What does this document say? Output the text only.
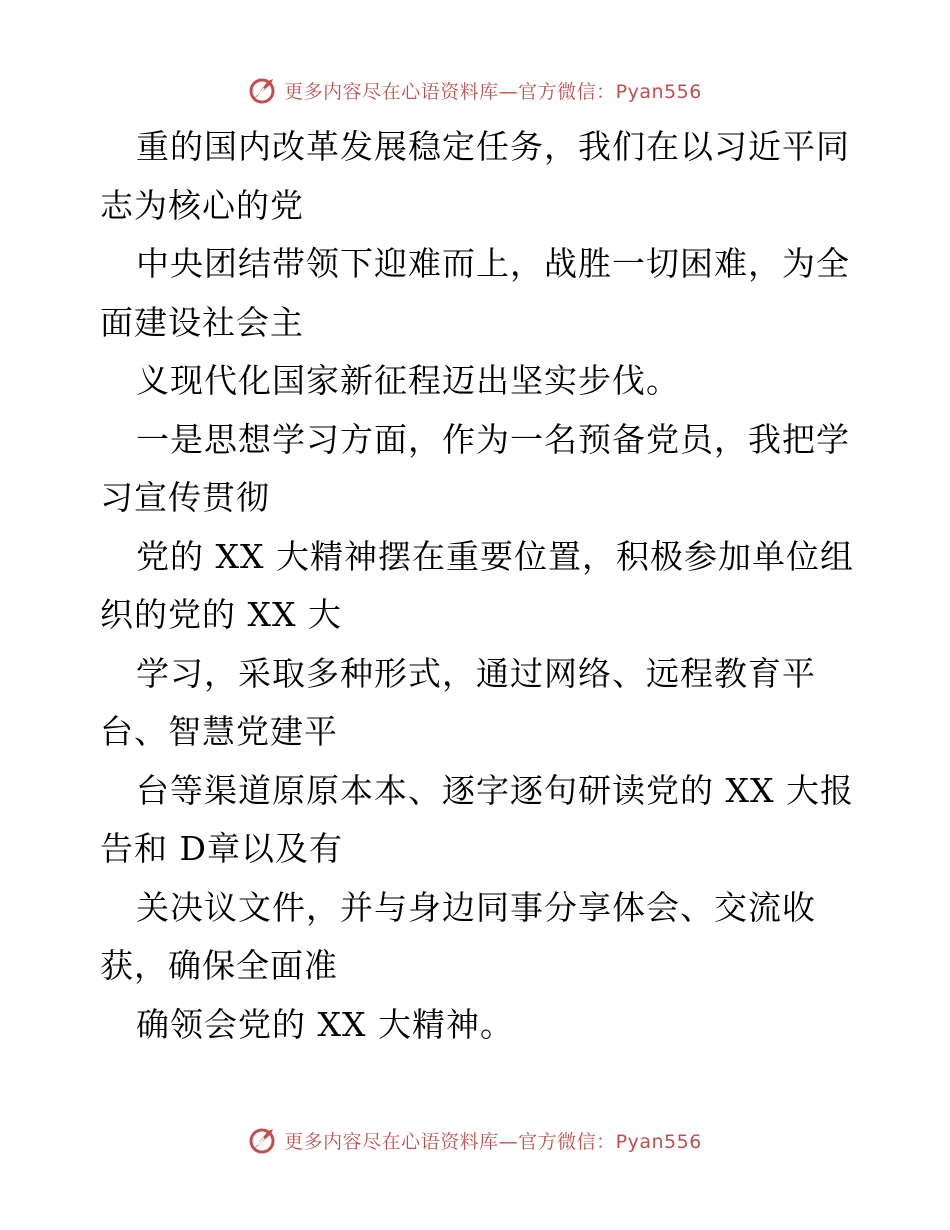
更多内容尽在心语资料库—官方微信：Pyan556
重的国内改革发展稳定任务，我们在以习近平同
志为核心的党
中央团结带领下迎难而上，战胜一切困难，为全
面建设社会主
义现代化国家新征程迈出坚实步伐。
一是思想学习方面，作为一名预备党员，我把学
习宣传贯彻
党的 XX 大精神摆在重要位置，积极参加单位组
织的党的 XX 大
学习，采取多种形式，通过网络、远程教育平
台、智慧党建平
台等渠道原原本本、逐字逐句研读党的 XX 大报
告和 D章以及有
关决议文件，并与身边同事分享体会、交流收
获，确保全面准
确领会党的 XX 大精神。
更多内容尽在心语资料库—官方微信：Pyan556
